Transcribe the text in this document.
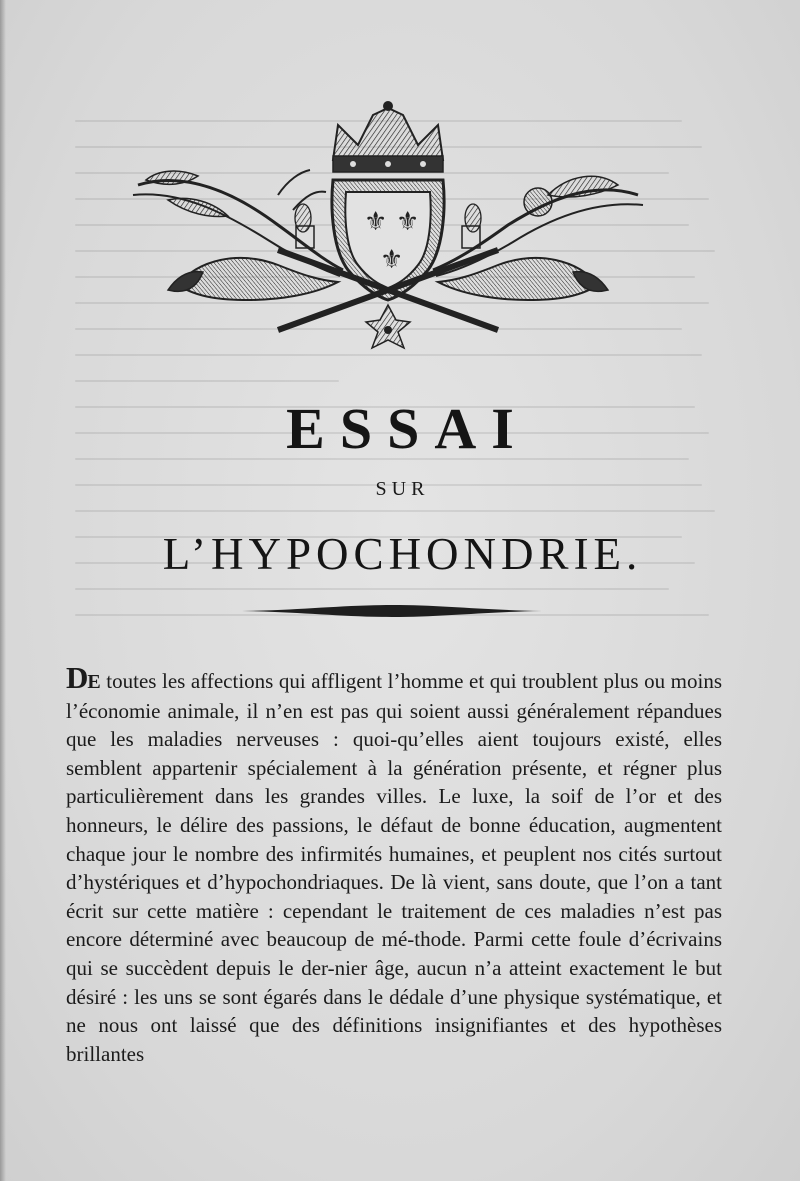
⚜ ⚜
⚜
ESSAI
SUR
L’HYPOCHONDRIE.

DE toutes les affections qui affligent l’homme et qui troublent plus ou moins l’économie animale, il n’en est pas qui soient aussi généralement répandues que les maladies nerveuses : quoi-qu’elles aient toujours existé, elles semblent appartenir spécialement à la génération présente, et régner plus particulièrement dans les grandes villes. Le luxe, la soif de l’or et des honneurs, le délire des passions, le défaut de bonne éducation, augmentent chaque jour le nombre des infirmités humaines, et peuplent nos cités surtout d’hystériques et d’hypochondriaques. De là vient, sans doute, que l’on a tant écrit sur cette matière : cependant le traitement de ces maladies n’est pas encore déterminé avec beaucoup de mé-thode. Parmi cette foule d’écrivains qui se succèdent depuis le der-nier âge, aucun n’a atteint exactement le but désiré : les uns se sont égarés dans le dédale d’une physique systématique, et ne nous ont laissé que des définitions insignifiantes et des hypothèses brillantes
